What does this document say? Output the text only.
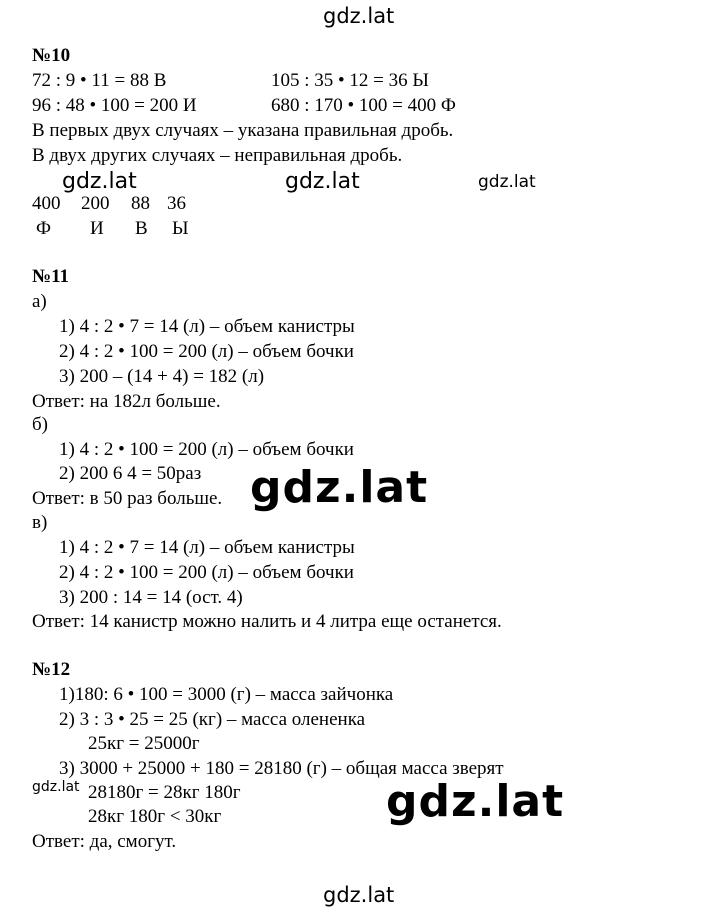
gdz.lat
gdz.lat	gdz.lat	gdz.lat
gdz.lat
gdz.lat	gdz.lat
gdz.lat
№10
72 : 9 • 11 = 88 В	105 : 35 • 12 = 36 Ы
96 : 48 • 100 = 200 И	680 : 170 • 100 = 400 Ф
В первых двух случаях – указана правильная дробь.
В двух других случаях – неправильная дробь.
400 200 88 36
Ф И В Ы
№11
а)
1) 4 : 2 • 7 = 14 (л) – объем канистры
2) 4 : 2 • 100 = 200 (л) – объем бочки
3) 200 – (14 + 4) = 182 (л)
Ответ: на 182л больше.
б)
1) 4 : 2 • 100 = 200 (л) – объем бочки
2) 200 6 4 = 50раз
Ответ: в 50 раз больше.
в)
1) 4 : 2 • 7 = 14 (л) – объем канистры
2) 4 : 2 • 100 = 200 (л) – объем бочки
3) 200 : 14 = 14 (ост. 4)
Ответ: 14 канистр можно налить и 4 литра еще останется.
№12
1)180: 6 • 100 = 3000 (г) – масса зайчонка
2) 3 : 3 • 25 = 25 (кг) – масса олененка
25кг = 25000г
3) 3000 + 25000 + 180 = 28180 (г) – общая масса зверят
28180г = 28кг 180г
28кг 180г < 30кг
Ответ: да, смогут.
